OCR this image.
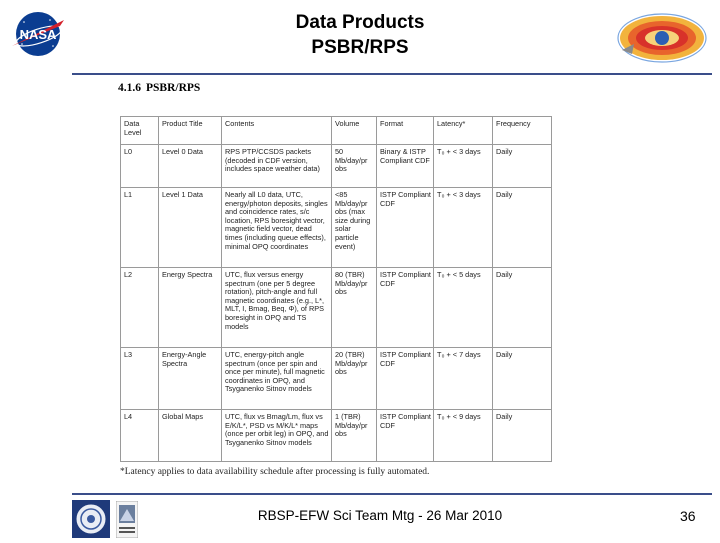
NASA
Data Products
PSBR/RPS
4.1.6 PSBR/RPS
Data Level	Product Title	Contents	Volume	Format	Latency*	Frequency
L0	Level 0 Data	RPS PTP/CCSDS packets (decoded in CDF version, includes space weather data)	50 Mb/day/pr obs	Binary & ISTP Compliant CDF	T₀ + < 3 days	Daily
L1	Level 1 Data	Nearly all L0 data, UTC, energy/photon deposits, singles and coincidence rates, s/c location, RPS boresight vector, magnetic field vector, dead times (including queue effects), minimal OPQ coordinates	<85 Mb/day/pr obs (max size during solar particle event)	ISTP Compliant CDF	T₀ + < 3 days	Daily
L2	Energy Spectra	UTC, flux versus energy spectrum (one per 5 degree rotation), pitch-angle and full magnetic coordinates (e.g., L*, MLT, I, Bmag, Beq, Φ), of RPS boresight in OPQ and TS models	80 (TBR) Mb/day/pr obs	ISTP Compliant CDF	T₀ + < 5 days	Daily
L3	Energy-Angle Spectra	UTC, energy-pitch angle spectrum (once per spin and once per minute), full magnetic coordinates in OPQ, and Tsyganenko Sitnov models	20 (TBR) Mb/day/pr obs	ISTP Compliant CDF	T₀ + < 7 days	Daily
L4	Global Maps	UTC, flux vs Bmag/Lm, flux vs E/K/L*, PSD vs M/K/L* maps (once per orbit leg) in OPQ, and Tsyganenko Sitnov models	1 (TBR) Mb/day/pr obs	ISTP Compliant CDF	T₀ + < 9 days	Daily
*Latency applies to data availability schedule after processing is fully automated.
RBSP-EFW Sci Team Mtg - 26 Mar 2010	36
